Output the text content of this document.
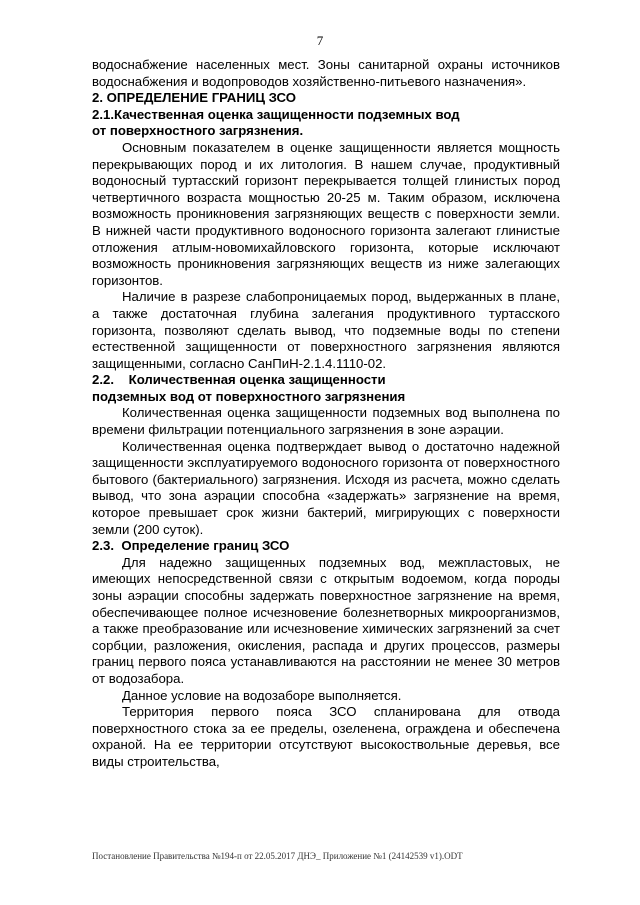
7

водоснабжение населенных мест. Зоны санитарной охраны источников водоснабжения и водопроводов хозяйственно-питьевого назначения».

2. ОПРЕДЕЛЕНИЕ ГРАНИЦ ЗСО

2.1.Качественная оценка защищенности подземных вод

от поверхностного загрязнения.

Основным показателем в оценке защищенности является мощность перекрывающих пород и их литология. В нашем случае, продуктивный водоносный туртасский горизонт перекрывается толщей глинистых пород четвертичного возраста мощностью 20-25 м. Таким образом, исключена возможность проникновения загрязняющих веществ с поверхности земли. В нижней части продуктивного водоносного горизонта залегают глинистые отложения атлым-новомихайловского горизонта, которые исключают возможность проникновения загрязняющих веществ из ниже залегающих горизонтов.

Наличие в разрезе слабопроницаемых пород, выдержанных в плане, а также достаточная глубина залегания продуктивного туртасского горизонта, позволяют сделать вывод, что подземные воды по степени естественной защищенности от поверхностного загрязнения являются защищенными, согласно СанПиН-2.1.4.1110-02.

2.2.    Количественная оценка защищенности

подземных вод от поверхностного загрязнения

Количественная оценка защищенности подземных вод выполнена по времени фильтрации потенциального загрязнения в зоне аэрации.

Количественная оценка подтверждает вывод о достаточно надежной защищенности эксплуатируемого водоносного горизонта от поверхностного бытового (бактериального) загрязнения. Исходя из расчета, можно сделать вывод, что зона аэрации способна «задержать» загрязнение на время, которое превышает срок жизни бактерий, мигрирующих с поверхности земли (200 суток).

2.3.  Определение границ ЗСО

Для надежно защищенных подземных вод, межпластовых, не имеющих непосредственной связи с открытым водоемом, когда породы зоны аэрации способны задержать поверхностное загрязнение на время, обеспечивающее полное исчезновение болезнетворных микроорганизмов, а также преобразование или исчезновение химических загрязнений за счет сорбции, разложения, окисления, распада и других процессов, размеры границ первого пояса устанавливаются на расстоянии не менее 30 метров от водозабора.

Данное условие на водозаборе выполняется.

Территория первого пояса ЗСО спланирована для отвода поверхностного стока за ее пределы, озеленена, ограждена и обеспечена охраной. На ее территории отсутствуют высокоствольные деревья, все виды строительства,

Постановление Правительства №194-п от 22.05.2017 ДНЭ_ Приложение №1 (24142539 v1).ODT
